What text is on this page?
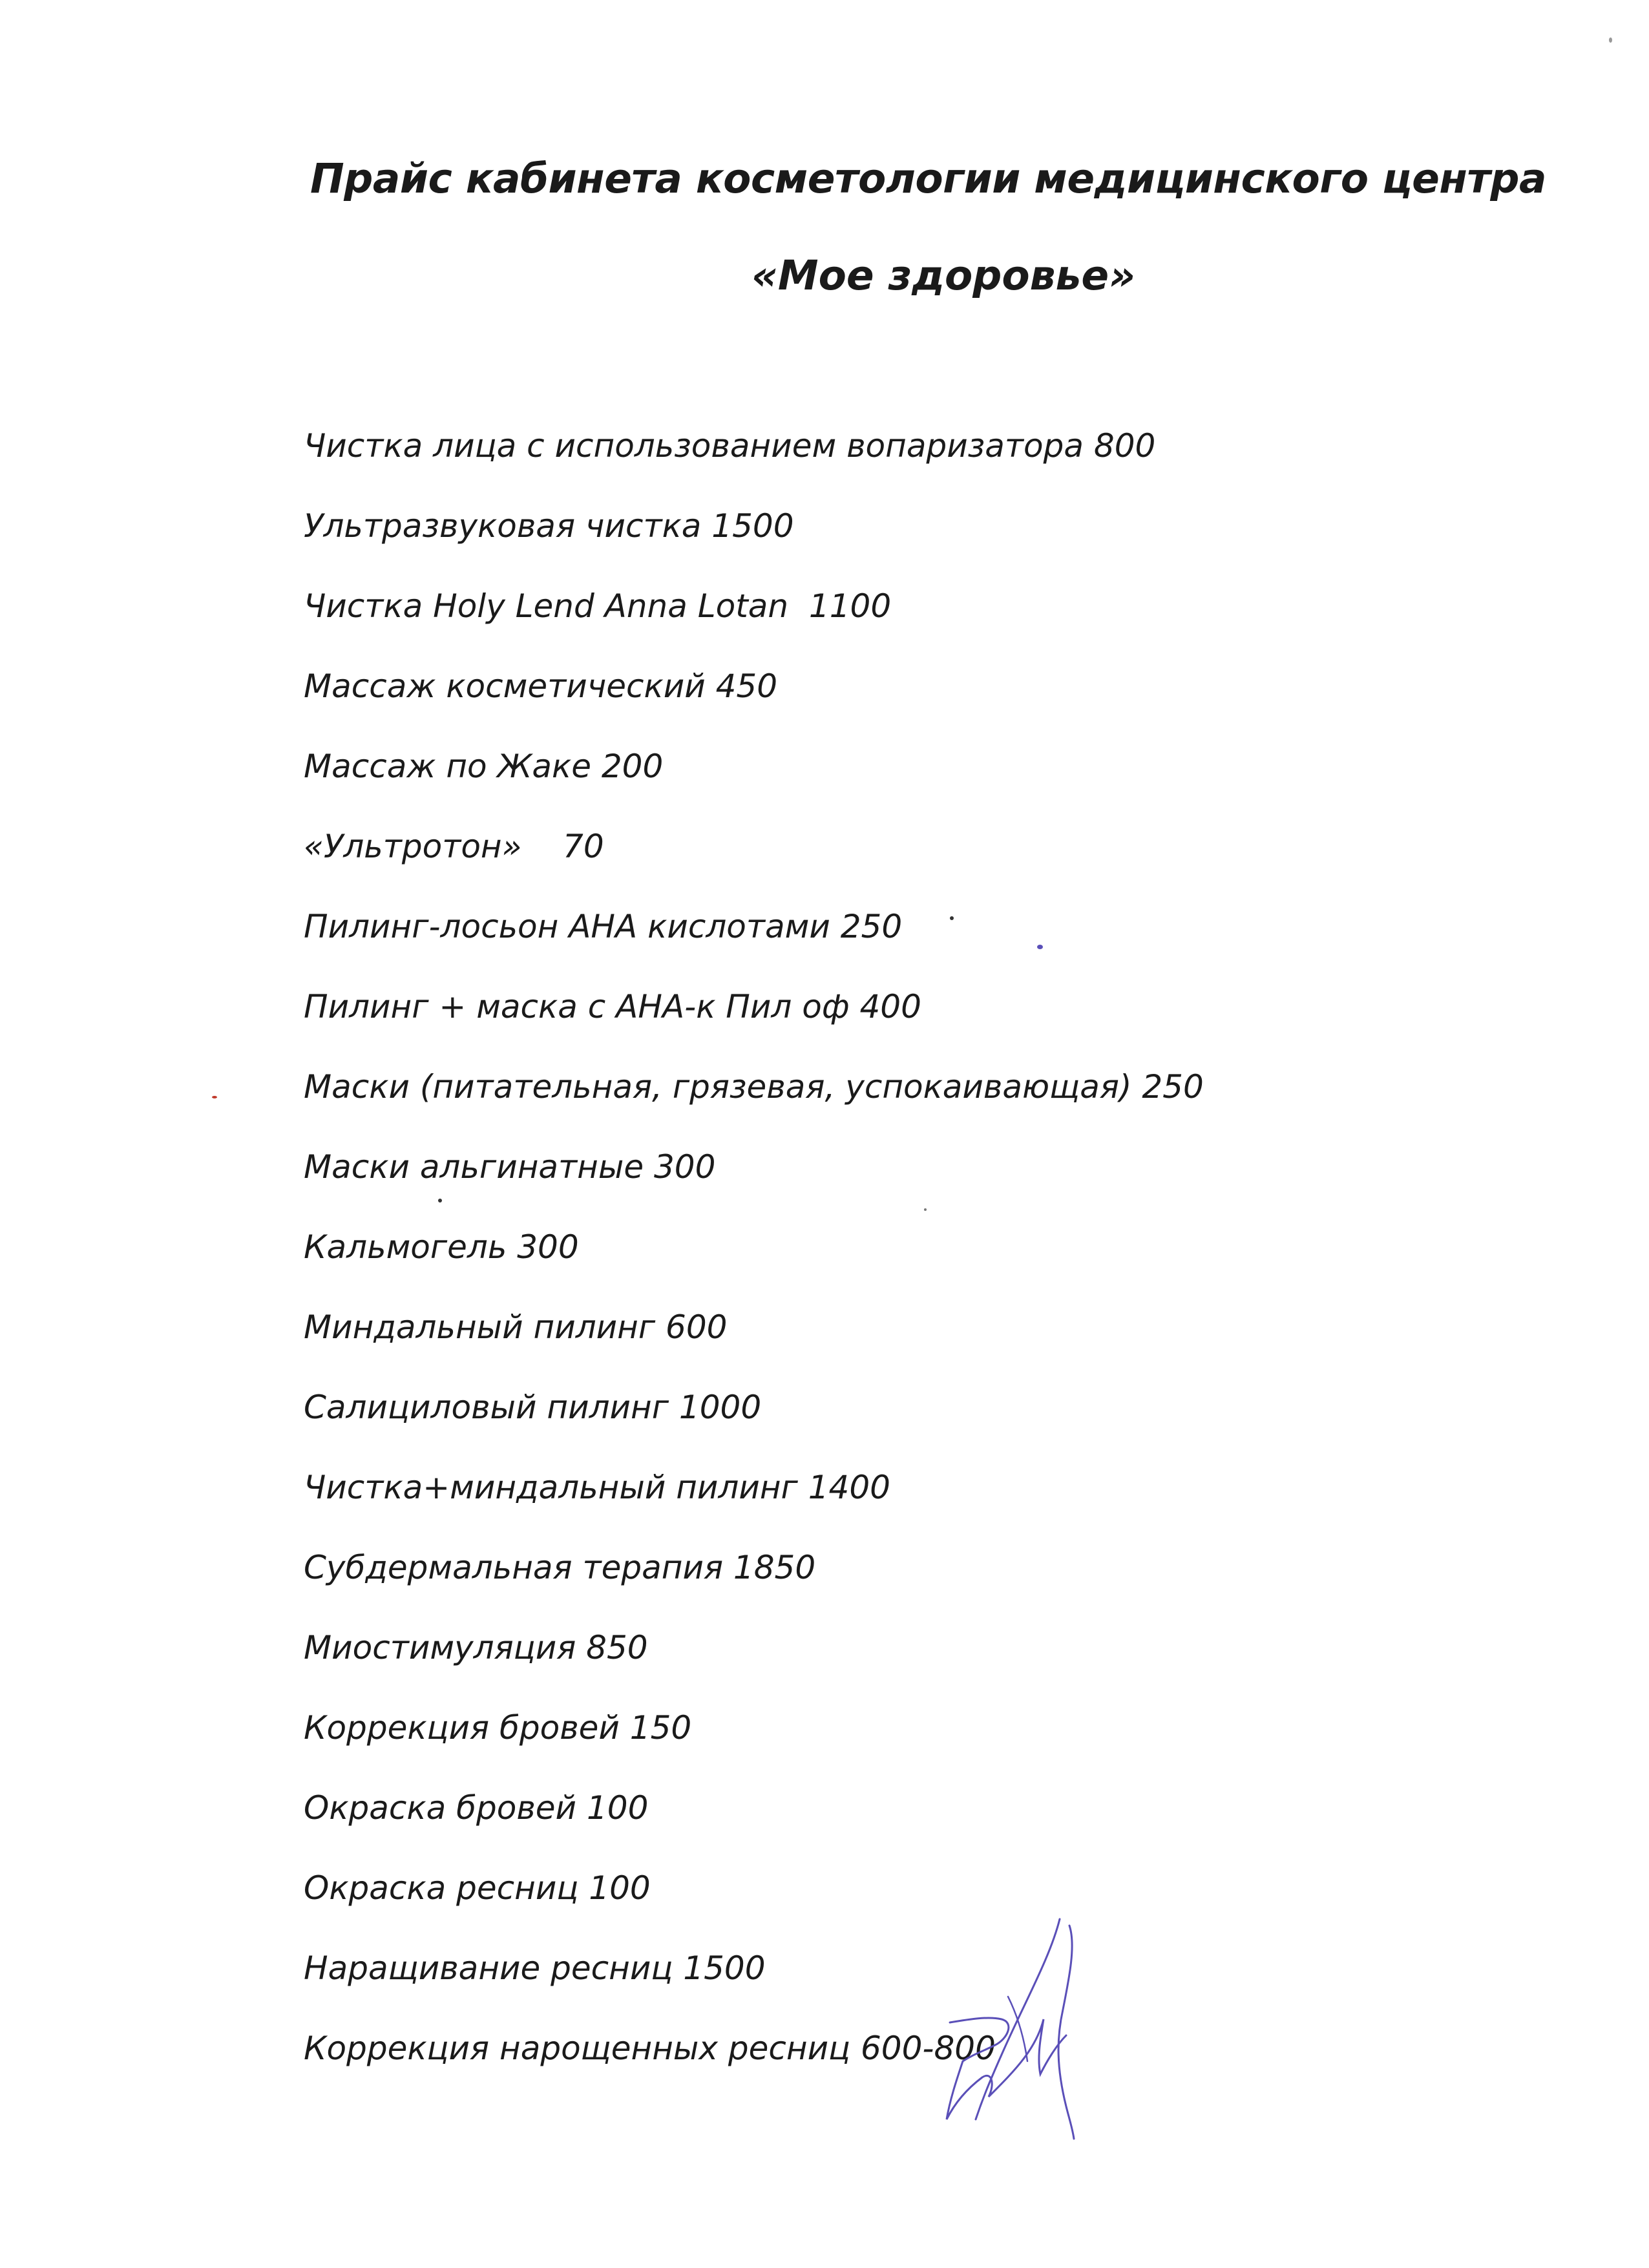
Прайс кабинета косметологии медицинского центра
«Мое здоровье»
Чистка лица с использованием вопаризатора 800
Ультразвуковая чистка 1500
Чистка Holy Lend Anna Lotan  1100
Массаж косметический 450
Массаж по Жаке 200
«Ультротон»    70
Пилинг-лосьон АНА кислотами 250
Пилинг + маска с АНА-к Пил оф 400
Маски (питательная, грязевая, успокаивающая) 250
Маски альгинатные 300
Кальмогель 300
Миндальный пилинг 600
Салициловый пилинг 1000
Чистка+миндальный пилинг 1400
Субдермальная терапия 1850
Миостимуляция 850
Коррекция бровей 150
Окраска бровей 100
Окраска ресниц 100
Наращивание ресниц 1500
Коррекция нарощенных ресниц 600-800
